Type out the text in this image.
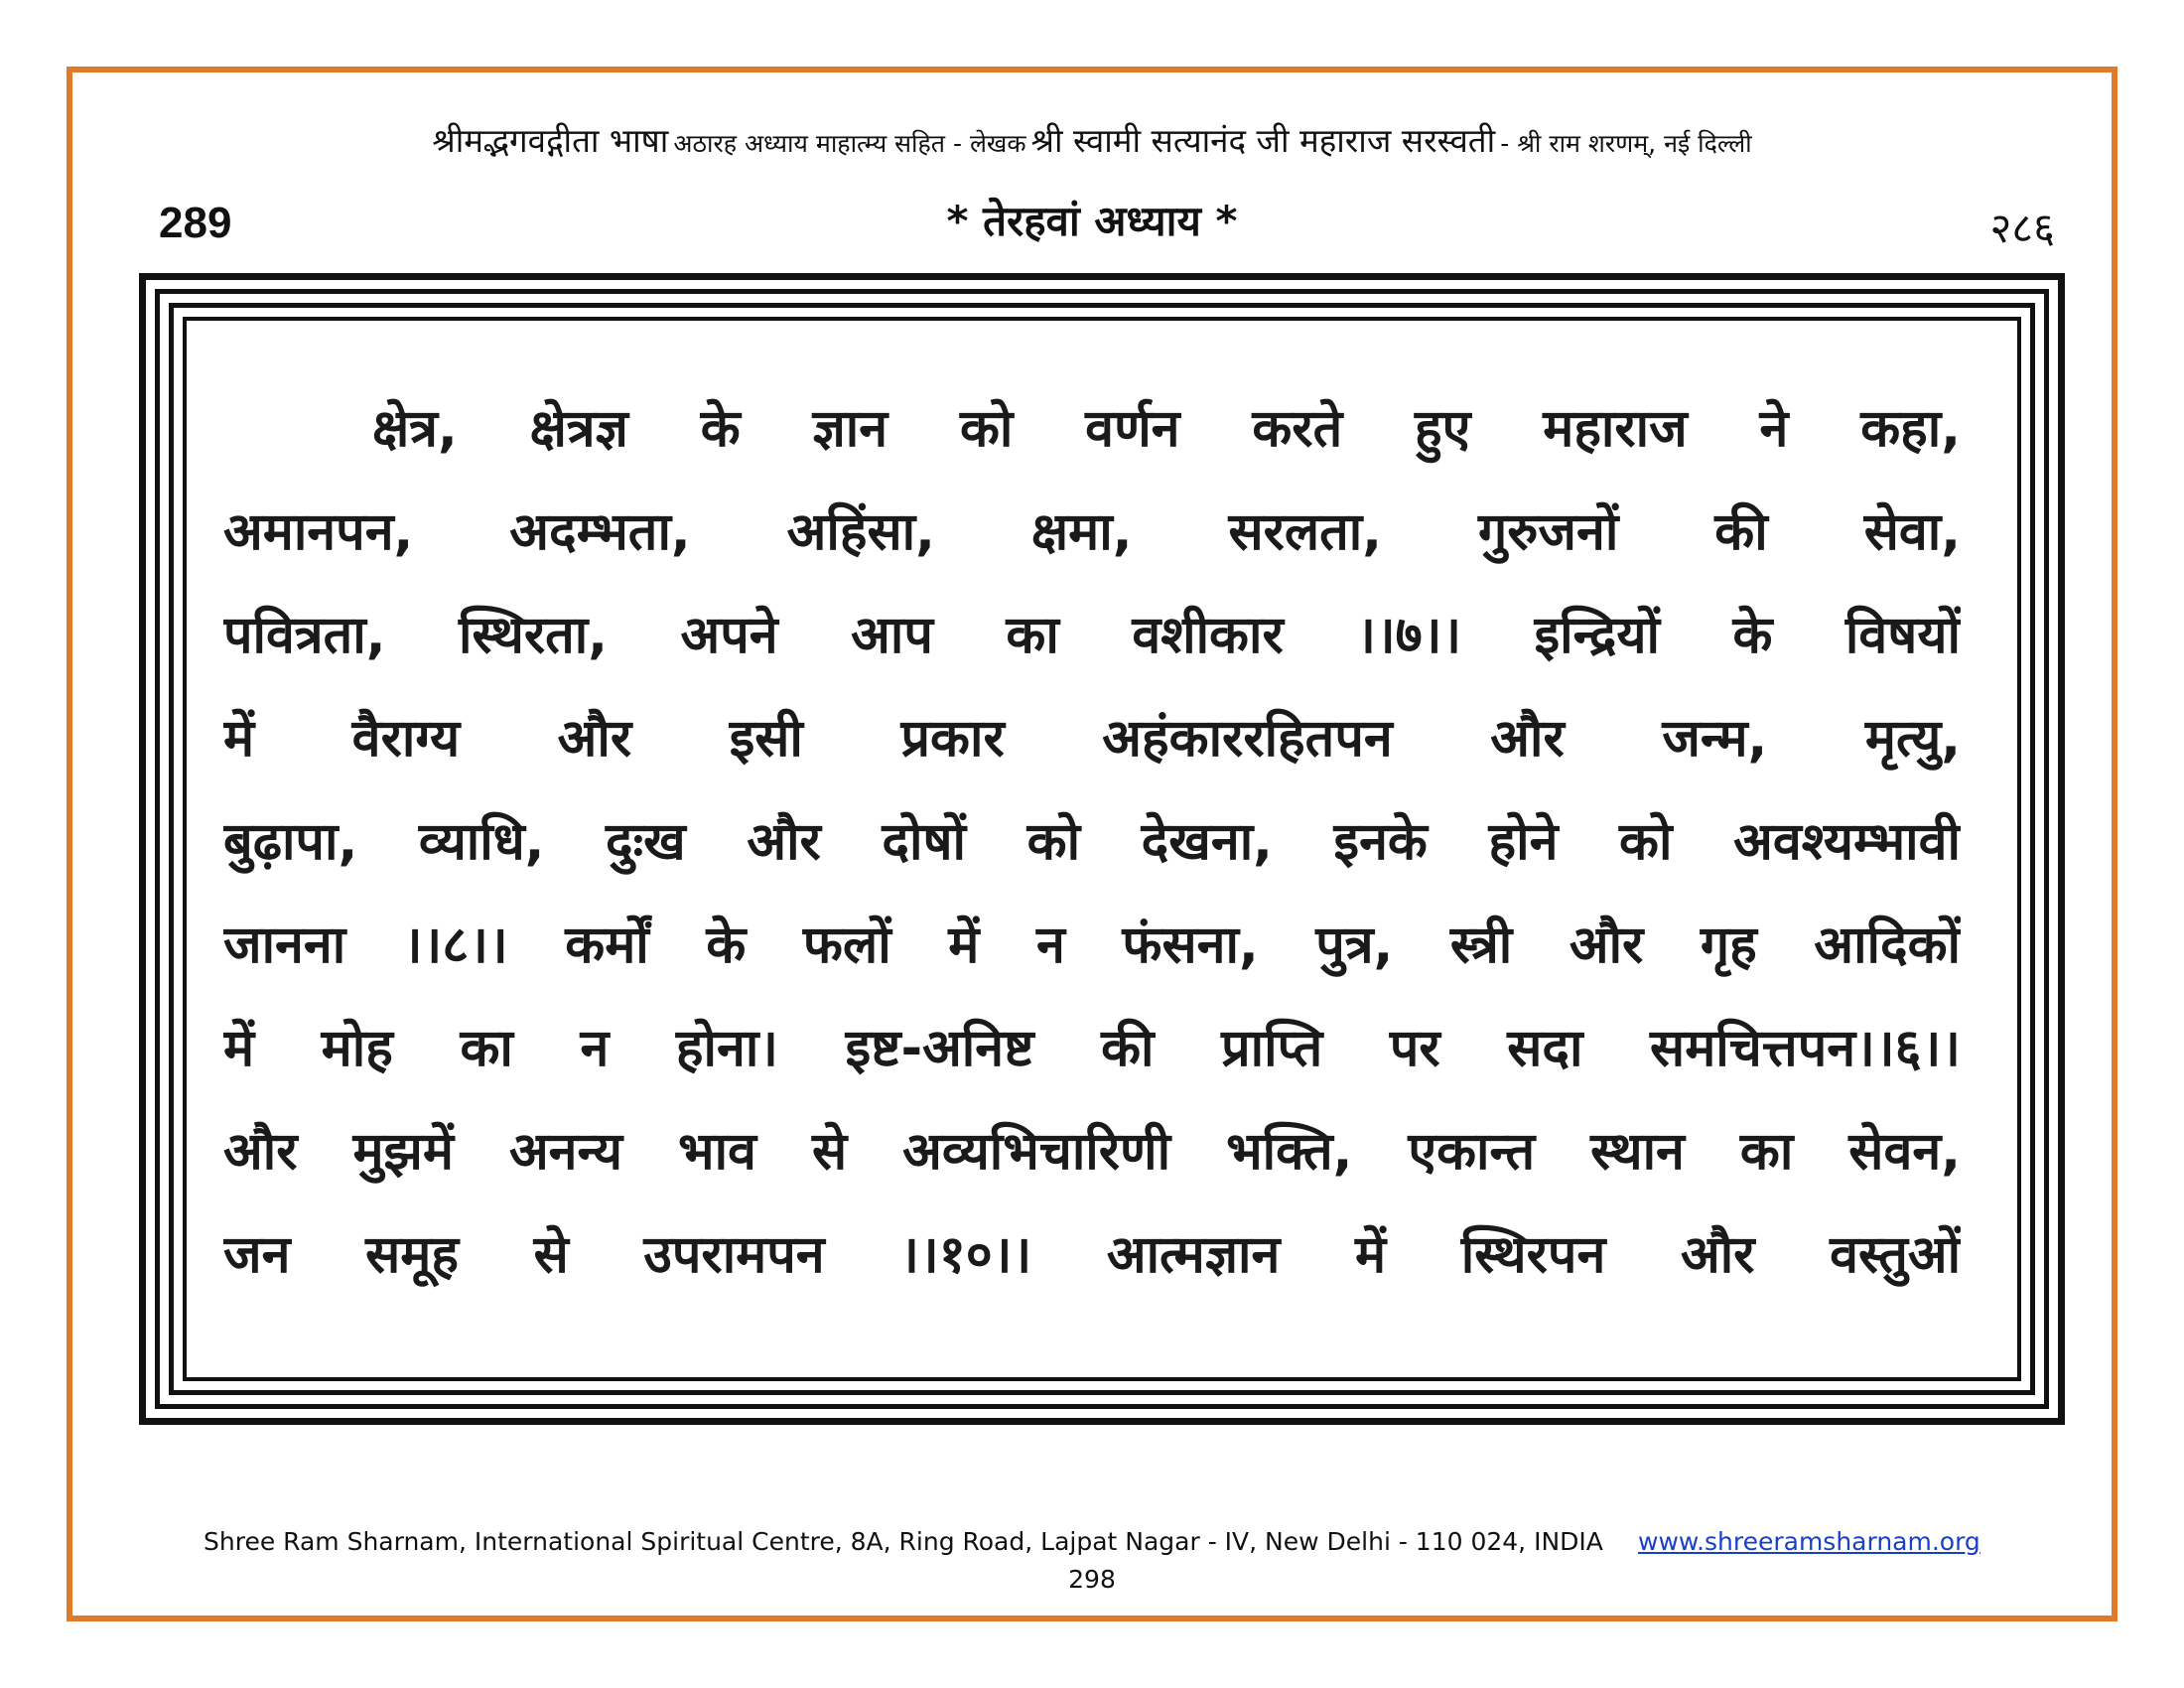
श्रीमद्भगवद्गीता भाषा अठारह अध्याय माहात्म्य सहित - लेखक श्री स्वामी सत्यानंद जी महाराज सरस्वती - श्री राम शरणम्, नई दिल्ली
289	* तेरहवां अध्याय *	२८६
क्षेत्र, क्षेत्रज्ञ के ज्ञान को वर्णन करते हुए महाराज ने कहा,
अमानपन, अदम्भता, अहिंसा, क्षमा, सरलता, गुरुजनों की सेवा,
पवित्रता, स्थिरता, अपने आप का वशीकार ।।७।। इन्द्रियों के विषयों
में वैराग्य और इसी प्रकार अहंकाररहितपन और जन्म, मृत्यु,
बुढ़ापा, व्याधि, दुःख और दोषों को देखना, इनके होने को अवश्यम्भावी
जानना ।।८।। कर्मों के फलों में न फंसना, पुत्र, स्त्री और गृह आदिकों
में मोह का न होना। इष्ट-अनिष्ट की प्राप्ति पर सदा समचित्तपन।।६।।
और मुझमें अनन्य भाव से अव्यभिचारिणी भक्ति, एकान्त स्थान का सेवन,
जन समूह से उपरामपन ।।१०।। आत्मज्ञान में स्थिरपन और वस्तुओं
Shree Ram Sharnam, International Spiritual Centre, 8A, Ring Road, Lajpat Nagar - IV, New Delhi - 110 024, INDIA www.shreeramsharnam.org
298
